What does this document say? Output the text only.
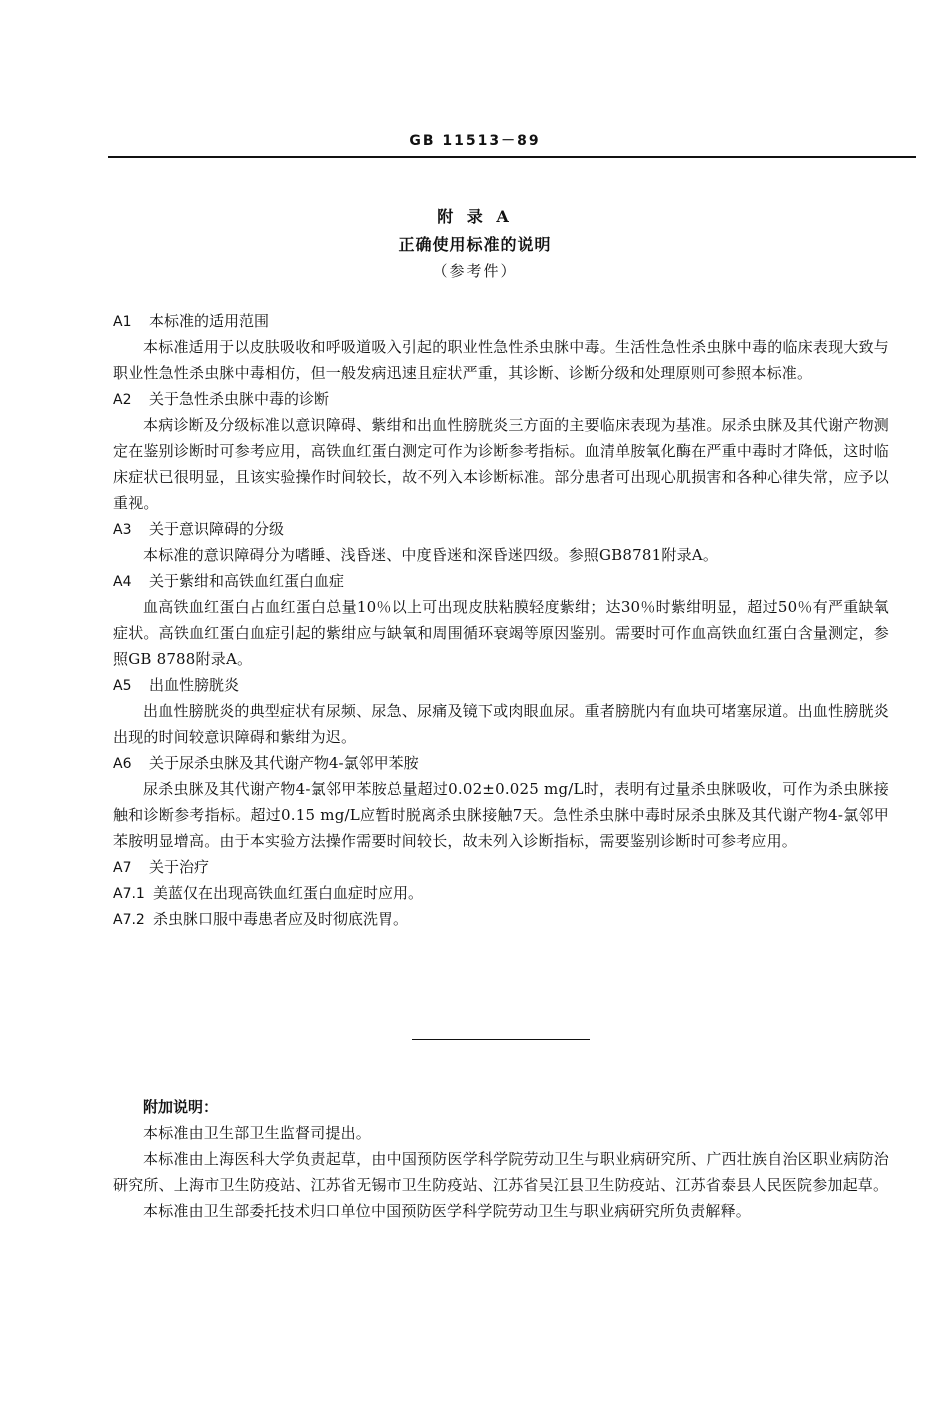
GB 11513－89
附 录 A
正确使用标准的说明
（参考件）
A1 本标准的适用范围

本标准适用于以皮肤吸收和呼吸道吸入引起的职业性急性杀虫脒中毒。生活性急性杀虫脒中毒的临床表现大致与职业性急性杀虫脒中毒相仿，但一般发病迅速且症状严重，其诊断、诊断分级和处理原则可参照本标准。

A2 关于急性杀虫脒中毒的诊断

本病诊断及分级标准以意识障碍、紫绀和出血性膀胱炎三方面的主要临床表现为基准。尿杀虫脒及其代谢产物测定在鉴别诊断时可参考应用，高铁血红蛋白测定可作为诊断参考指标。血清单胺氧化酶在严重中毒时才降低，这时临床症状已很明显，且该实验操作时间较长，故不列入本诊断标准。部分患者可出现心肌损害和各种心律失常，应予以重视。

A3 关于意识障碍的分级

本标准的意识障碍分为嗜睡、浅昏迷、中度昏迷和深昏迷四级。参照GB8781附录A。

A4 关于紫绀和高铁血红蛋白血症

血高铁血红蛋白占血红蛋白总量10％以上可出现皮肤粘膜轻度紫绀；达30％时紫绀明显，超过50％有严重缺氧症状。高铁血红蛋白血症引起的紫绀应与缺氧和周围循环衰竭等原因鉴别。需要时可作血高铁血红蛋白含量测定，参照GB 8788附录A。

A5 出血性膀胱炎

出血性膀胱炎的典型症状有尿频、尿急、尿痛及镜下或肉眼血尿。重者膀胱内有血块可堵塞尿道。出血性膀胱炎出现的时间较意识障碍和紫绀为迟。

A6 关于尿杀虫脒及其代谢产物4-氯邻甲苯胺

尿杀虫脒及其代谢产物4-氯邻甲苯胺总量超过0.02±0.025 mg/L时，表明有过量杀虫脒吸收，可作为杀虫脒接触和诊断参考指标。超过0.15 mg/L应暂时脱离杀虫脒接触7天。急性杀虫脒中毒时尿杀虫脒及其代谢产物4-氯邻甲苯胺明显增高。由于本实验方法操作需要时间较长，故未列入诊断指标，需要鉴别诊断时可参考应用。

A7 关于治疗
A7.1 美蓝仅在出现高铁血红蛋白血症时应用。
A7.2 杀虫脒口服中毒患者应及时彻底洗胃。

附加说明：

本标准由卫生部卫生监督司提出。

本标准由上海医科大学负责起草，由中国预防医学科学院劳动卫生与职业病研究所、广西壮族自治区职业病防治研究所、上海市卫生防疫站、江苏省无锡市卫生防疫站、江苏省吴江县卫生防疫站、江苏省泰县人民医院参加起草。

本标准由卫生部委托技术归口单位中国预防医学科学院劳动卫生与职业病研究所负责解释。
